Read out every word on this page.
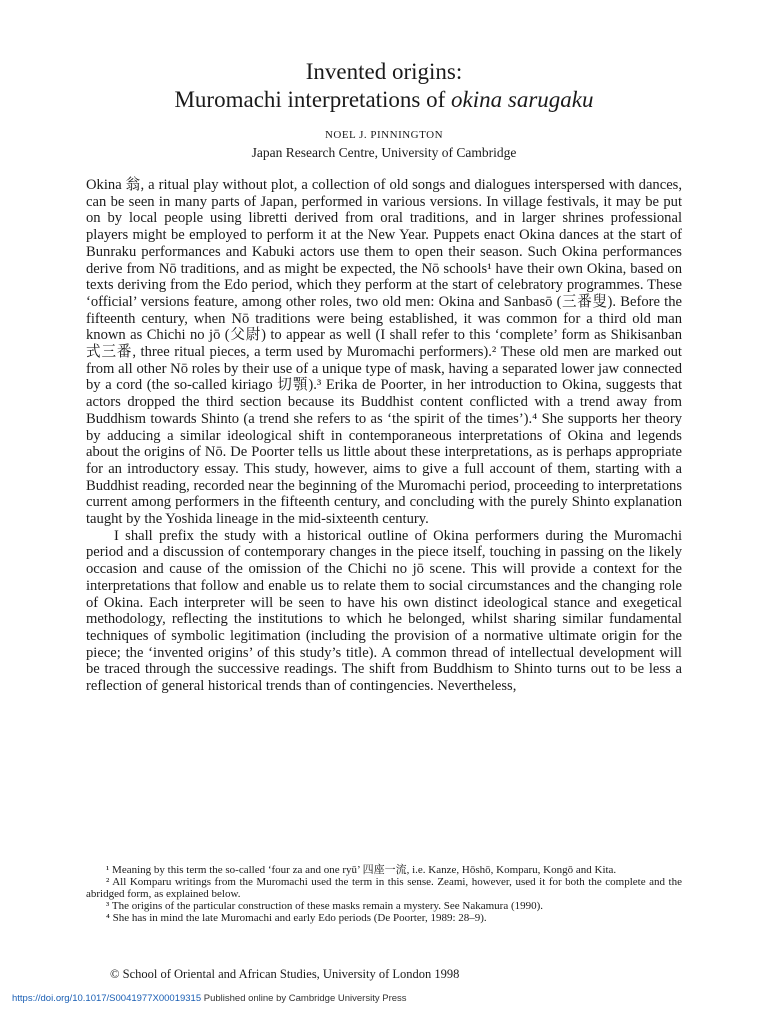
Invented origins:
Muromachi interpretations of okina sarugaku
NOEL J. PINNINGTON
Japan Research Centre, University of Cambridge

Okina 翁, a ritual play without plot, a collection of old songs and dialogues interspersed with dances, can be seen in many parts of Japan, performed in various versions. In village festivals, it may be put on by local people using libretti derived from oral traditions, and in larger shrines professional players might be employed to perform it at the New Year. Puppets enact Okina dances at the start of Bunraku performances and Kabuki actors use them to open their season. Such Okina performances derive from Nō traditions, and as might be expected, the Nō schools¹ have their own Okina, based on texts deriving from the Edo period, which they perform at the start of celebratory programmes. These ‘official’ versions feature, among other roles, two old men: Okina and Sanbasō (三番叟). Before the fifteenth century, when Nō traditions were being established, it was common for a third old man known as Chichi no jō (父尉) to appear as well (I shall refer to this ‘complete’ form as Shikisanban 式三番, three ritual pieces, a term used by Muromachi performers).² These old men are marked out from all other Nō roles by their use of a unique type of mask, having a separated lower jaw connected by a cord (the so-called kiriago 切顎).³ Erika de Poorter, in her introduction to Okina, suggests that actors dropped the third section because its Buddhist content conflicted with a trend away from Buddhism towards Shinto (a trend she refers to as ‘the spirit of the times’).⁴ She supports her theory by adducing a similar ideological shift in contemporaneous interpretations of Okina and legends about the origins of Nō. De Poorter tells us little about these interpretations, as is perhaps appropriate for an introductory essay. This study, however, aims to give a full account of them, starting with a Buddhist reading, recorded near the beginning of the Muromachi period, proceeding to interpretations current among performers in the fifteenth century, and concluding with the purely Shinto explanation taught by the Yoshida lineage in the mid-sixteenth century.

I shall prefix the study with a historical outline of Okina performers during the Muromachi period and a discussion of contemporary changes in the piece itself, touching in passing on the likely occasion and cause of the omission of the Chichi no jō scene. This will provide a context for the interpretations that follow and enable us to relate them to social circumstances and the changing role of Okina. Each interpreter will be seen to have his own distinct ideological stance and exegetical methodology, reflecting the institutions to which he belonged, whilst sharing similar fundamental techniques of symbolic legitimation (including the provision of a normative ultimate origin for the piece; the ‘invented origins’ of this study’s title). A common thread of intellectual development will be traced through the successive readings. The shift from Buddhism to Shinto turns out to be less a reflection of general historical trends than of contingencies. Nevertheless,

¹ Meaning by this term the so-called ‘four za and one ryū’ 四座一流, i.e. Kanze, Hōshō, Komparu, Kongō and Kita.

² All Komparu writings from the Muromachi used the term in this sense. Zeami, however, used it for both the complete and the abridged form, as explained below.

³ The origins of the particular construction of these masks remain a mystery. See Nakamura (1990).

⁴ She has in mind the late Muromachi and early Edo periods (De Poorter, 1989: 28–9).

© School of Oriental and African Studies, University of London 1998
https://doi.org/10.1017/S0041977X00019315 Published online by Cambridge University Press
